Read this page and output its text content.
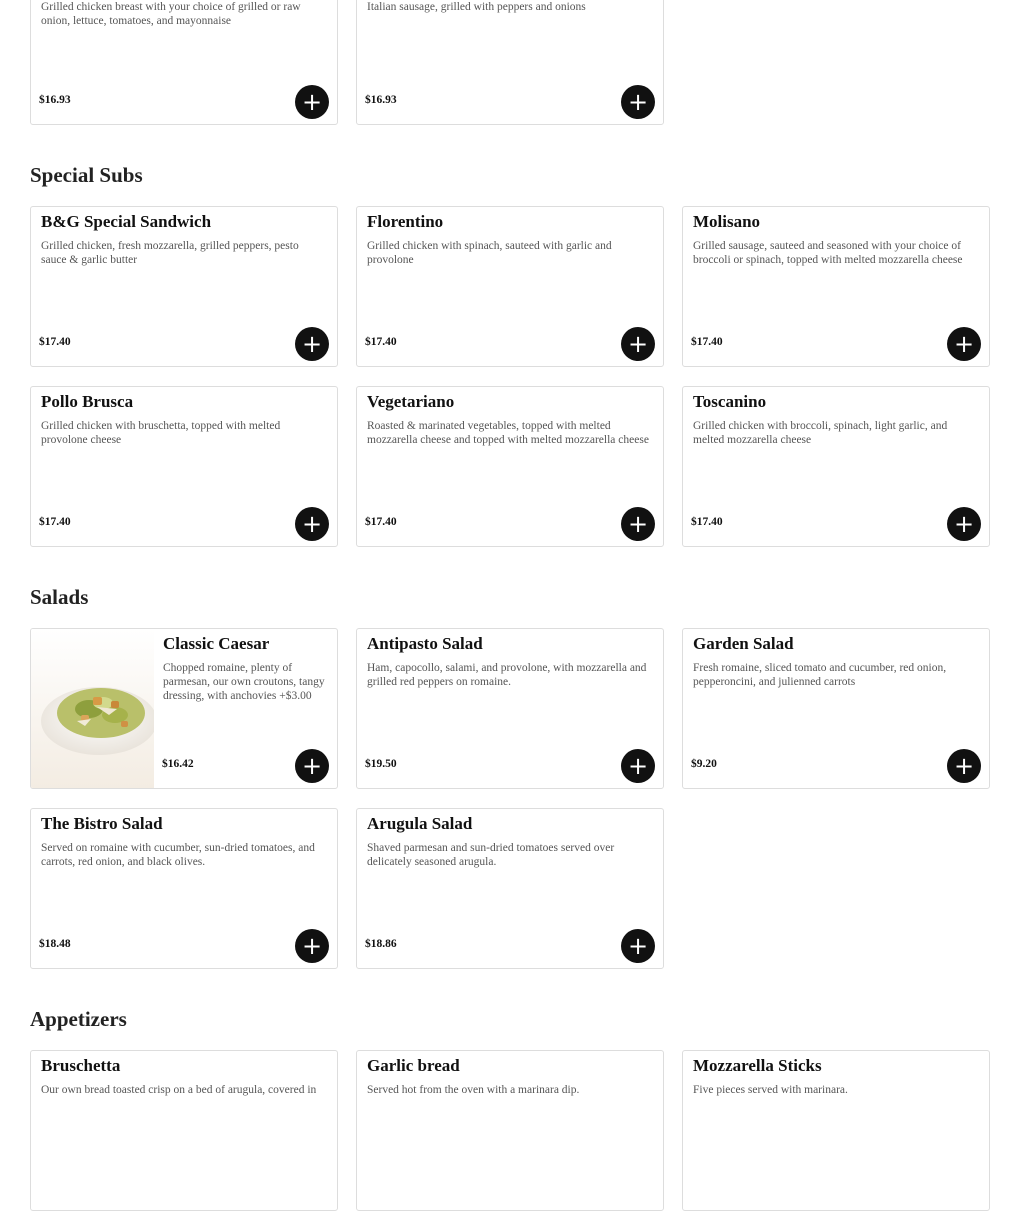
Grilled chicken breast with your choice of grilled or raw onion, lettuce, tomatoes, and mayonnaise

$16.93	+

Italian sausage, grilled with peppers and onions

$16.93	+
Special Subs
B&G Special Sandwich

Grilled chicken, fresh mozzarella, grilled peppers, pesto sauce & garlic butter

$17.40	+
Florentino

Grilled chicken with spinach, sauteed with garlic and provolone

$17.40	+
Molisano

Grilled sausage, sauteed and seasoned with your choice of broccoli or spinach, topped with melted mozzarella cheese

$17.40	+
Pollo Brusca

Grilled chicken with bruschetta, topped with melted provolone cheese

$17.40	+
Vegetariano

Roasted & marinated vegetables, topped with melted mozzarella cheese and topped with melted mozzarella cheese

$17.40	+
Toscanino

Grilled chicken with broccoli, spinach, light garlic, and melted mozzarella cheese

$17.40	+
Salads
Classic Caesar

Chopped romaine, plenty of parmesan, our own croutons, tangy dressing, with anchovies +$3.00

$16.42	+
Antipasto Salad

Ham, capocollo, salami, and provolone, with mozzarella and grilled red peppers on romaine.

$19.50	+
Garden Salad

Fresh romaine, sliced tomato and cucumber, red onion, pepperoncini, and julienned carrots

$9.20	+
The Bistro Salad

Served on romaine with cucumber, sun-dried tomatoes, and carrots, red onion, and black olives.

$18.48	+
Arugula Salad

Shaved parmesan and sun-dried tomatoes served over delicately seasoned arugula.

$18.86	+
Appetizers
Bruschetta

Our own bread toasted crisp on a bed of arugula, covered in

Garlic bread

Served hot from the oven with a marinara dip.

Mozzarella Sticks

Five pieces served with marinara.
